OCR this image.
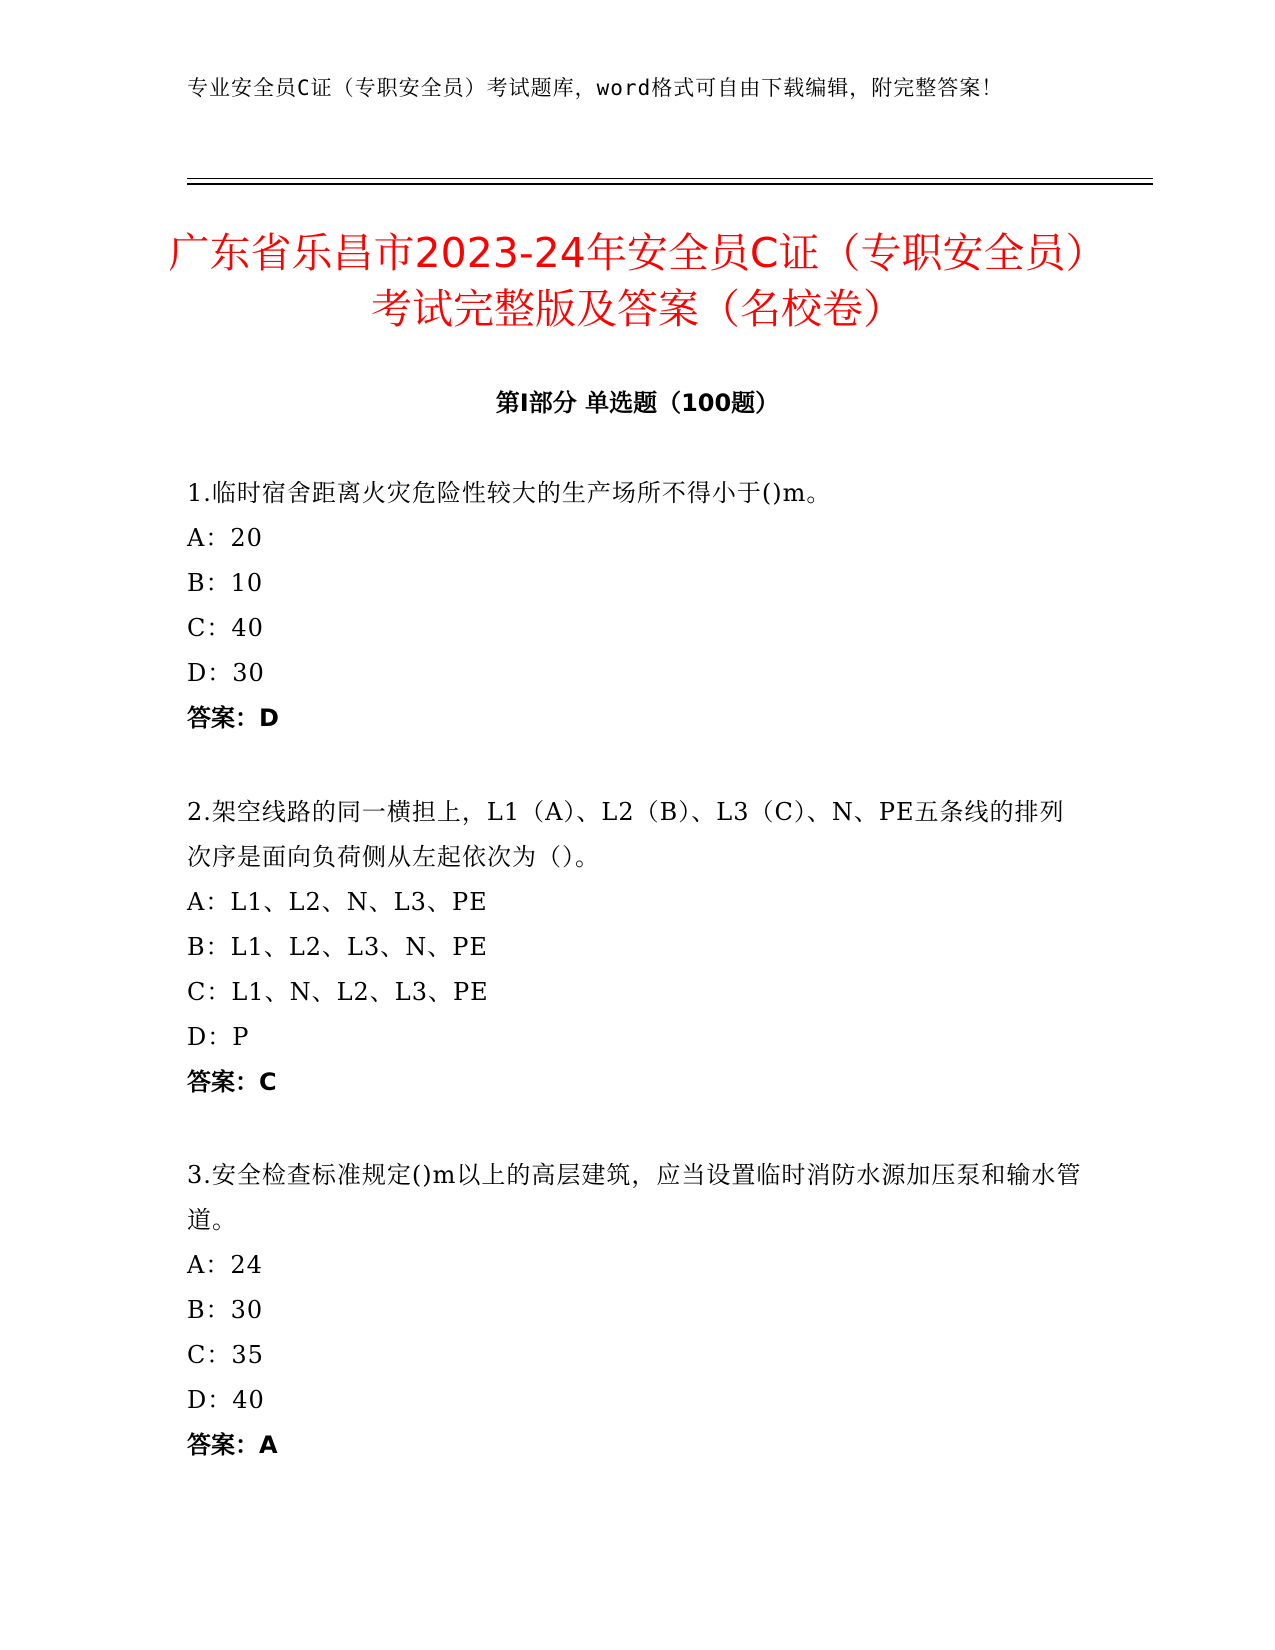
专业安全员C证（专职安全员）考试题库，word格式可自由下载编辑，附完整答案！
广东省乐昌市2023-24年安全员C证（专职安全员）考试完整版及答案（名校卷）
第I部分 单选题（100题）
1.临时宿舍距离火灾危险性较大的生产场所不得小于()m。
A：20
B：10
C：40
D：30
答案：D
2.架空线路的同一横担上，L1（A）、L2（B）、L3（C）、N、PE五条线的排列次序是面向负荷侧从左起依次为（）。
A：L1、L2、N、L3、PE
B：L1、L2、L3、N、PE
C：L1、N、L2、L3、PE
D：P
答案：C
3.安全检查标准规定()m以上的高层建筑，应当设置临时消防水源加压泵和输水管道。
A：24
B：30
C：35
D：40
答案：A
